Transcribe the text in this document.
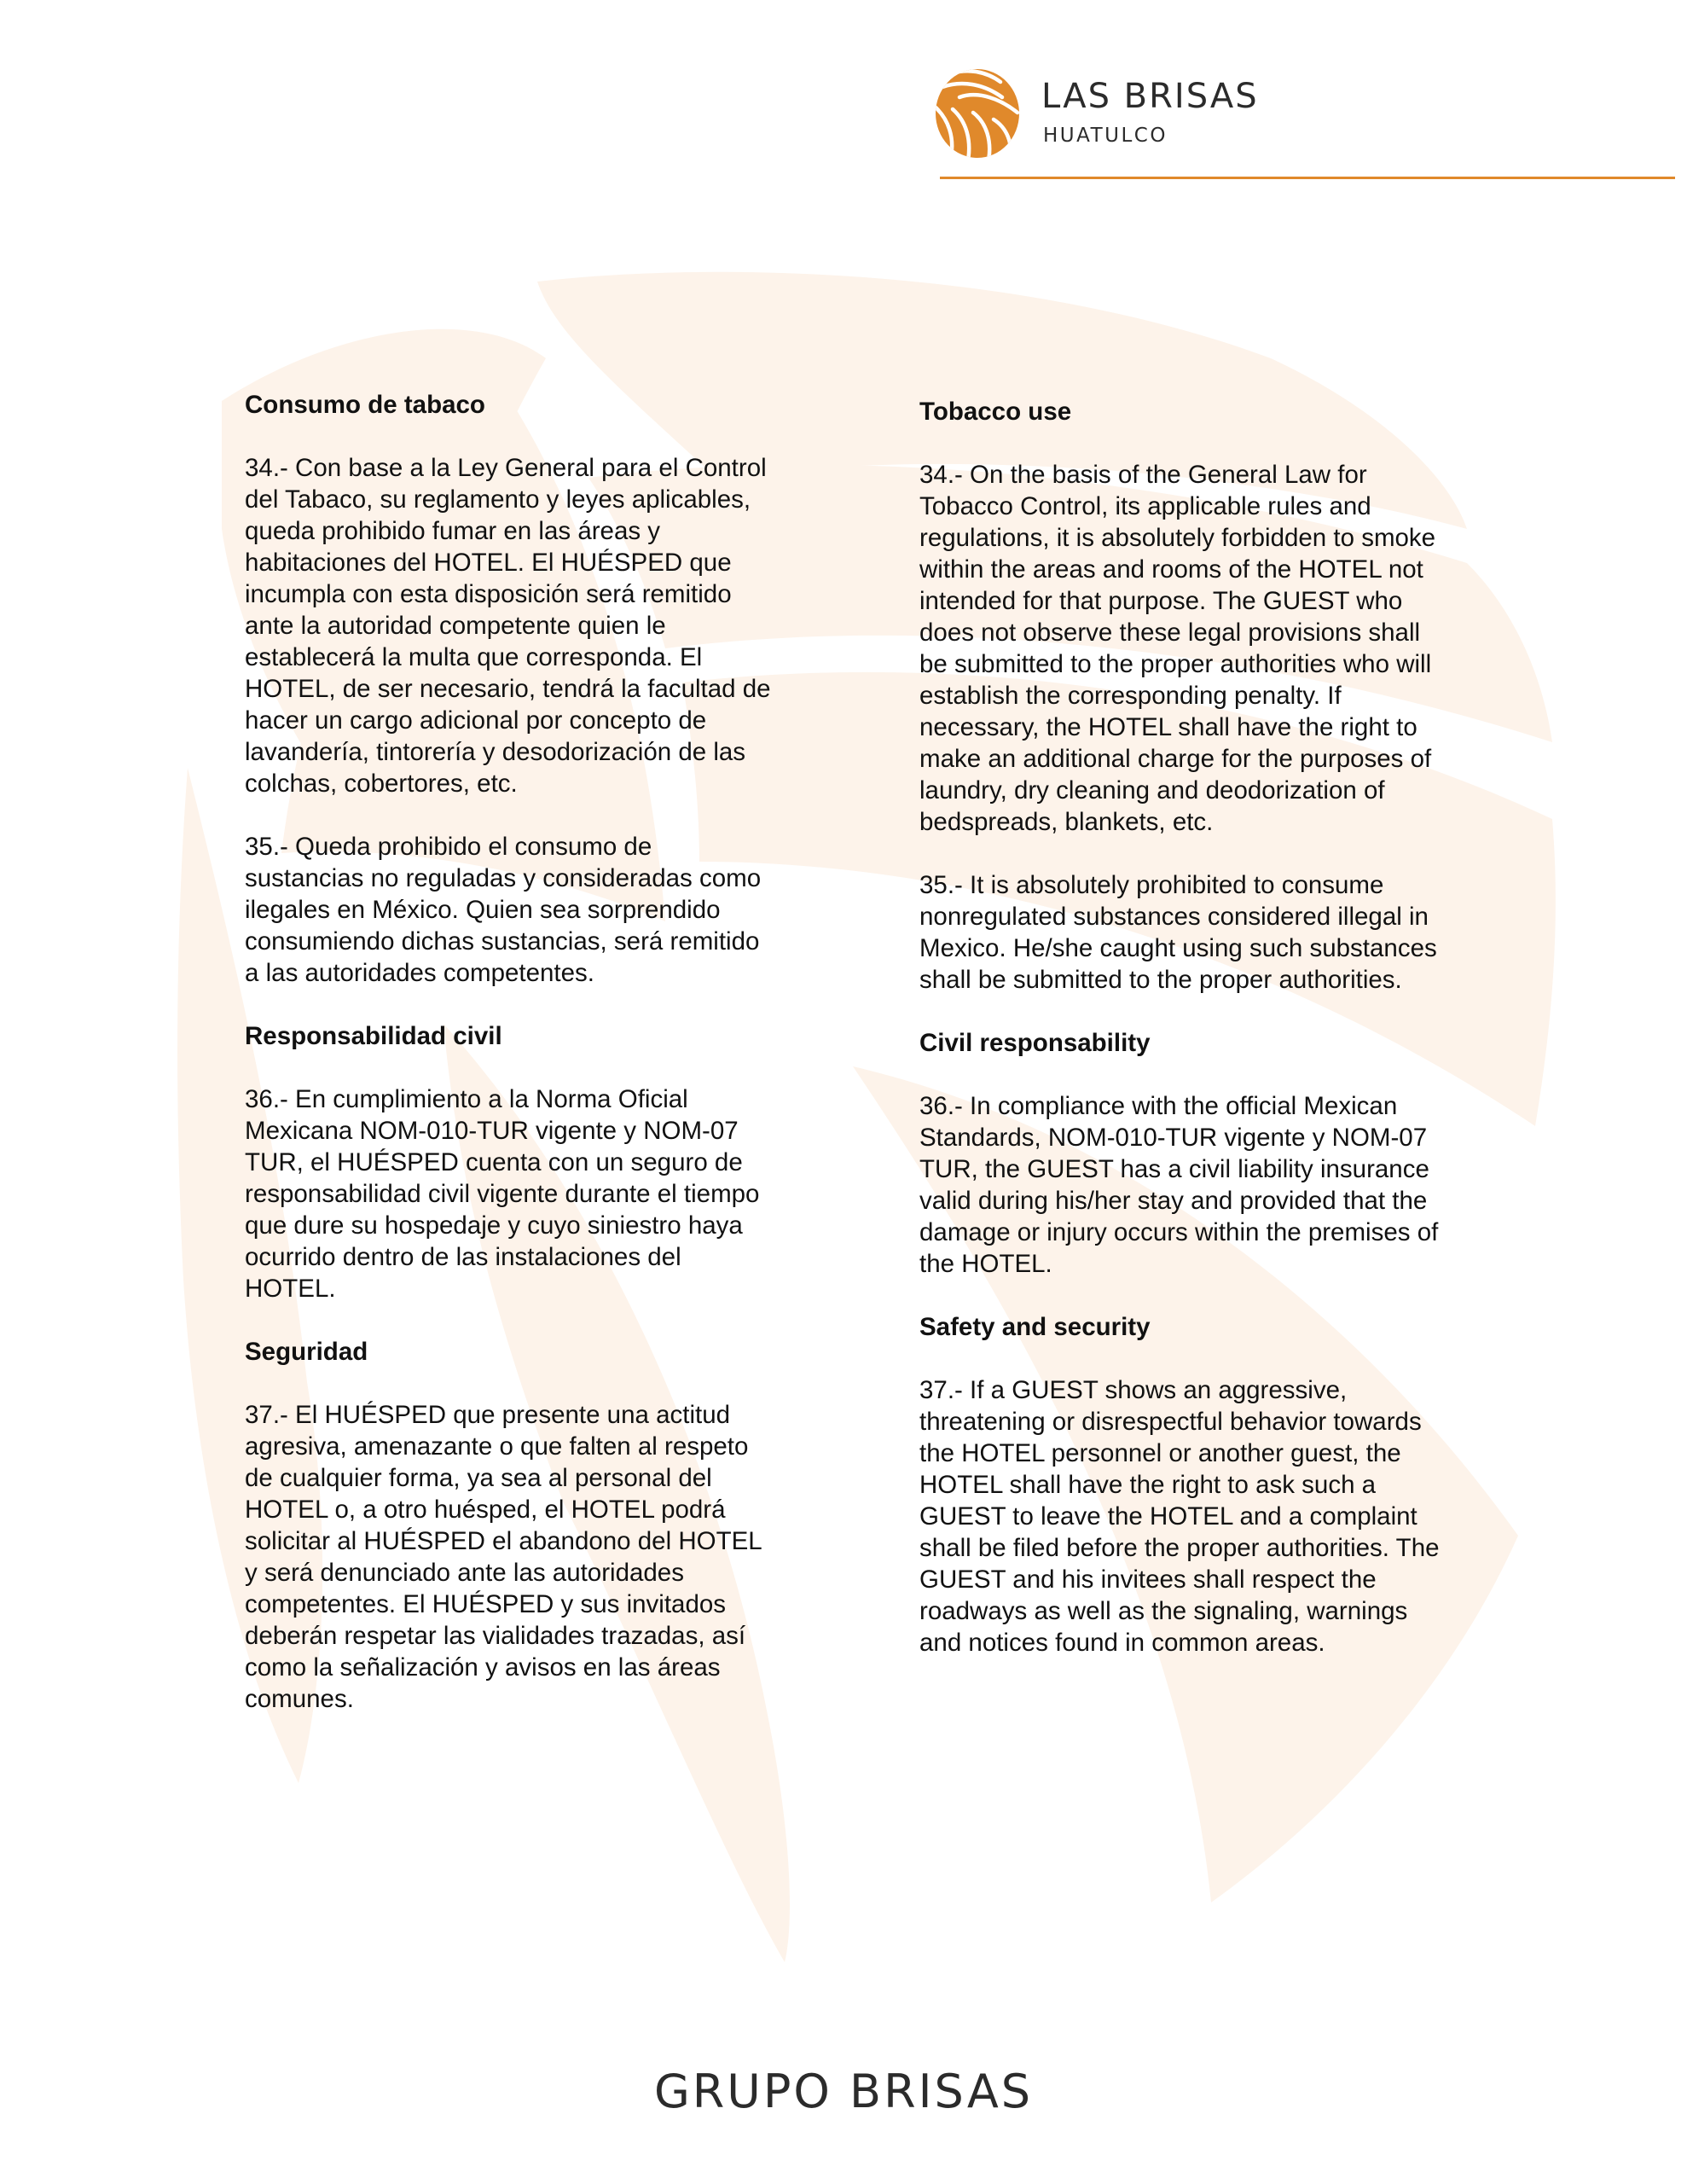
LAS BRISAS
HUATULCO

Consumo de tabaco

34.- Con base a la Ley General para el Control
del Tabaco, su reglamento y leyes aplicables,
queda prohibido fumar en las áreas y
habitaciones del HOTEL. El HUÉSPED que
incumpla con esta disposición será remitido
ante la autoridad competente quien le
establecerá la multa que corresponda. El
HOTEL, de ser necesario, tendrá la facultad de
hacer un cargo adicional por concepto de
lavandería, tintorería y desodorización de las
colchas, cobertores, etc.

35.- Queda prohibido el consumo de
sustancias no reguladas y consideradas como
ilegales en México. Quien sea sorprendido
consumiendo dichas sustancias, será remitido
a las autoridades competentes.

Responsabilidad civil

36.- En cumplimiento a la Norma Oficial
Mexicana NOM-010-TUR vigente y NOM-07
TUR, el HUÉSPED cuenta con un seguro de
responsabilidad civil vigente durante el tiempo
que dure su hospedaje y cuyo siniestro haya
ocurrido dentro de las instalaciones del
HOTEL.

Seguridad

37.- El HUÉSPED que presente una actitud
agresiva, amenazante o que falten al respeto
de cualquier forma, ya sea al personal del
HOTEL o, a otro huésped, el HOTEL podrá
solicitar al HUÉSPED el abandono del HOTEL
y será denunciado ante las autoridades
competentes. El HUÉSPED y sus invitados
deberán respetar las vialidades trazadas, así
como la señalización y avisos en las áreas
comunes.

Tobacco use

34.- On the basis of the General Law for
Tobacco Control, its applicable rules and
regulations, it is absolutely forbidden to smoke
within the areas and rooms of the HOTEL not
intended for that purpose. The GUEST who
does not observe these legal provisions shall
be submitted to the proper authorities who will
establish the corresponding penalty. If
necessary, the HOTEL shall have the right to
make an additional charge for the purposes of
laundry, dry cleaning and deodorization of
bedspreads, blankets, etc.

35.- It is absolutely prohibited to consume
nonregulated substances considered illegal in
Mexico. He/she caught using such substances
shall be submitted to the proper authorities.

Civil responsability

36.- In compliance with the official Mexican
Standards, NOM-010-TUR vigente y NOM-07
TUR, the GUEST has a civil liability insurance
valid during his/her stay and provided that the
damage or injury occurs within the premises of
the HOTEL.

Safety and security

37.- If a GUEST shows an aggressive,
threatening or disrespectful behavior towards
the HOTEL personnel or another guest, the
HOTEL shall have the right to ask such a
GUEST to leave the HOTEL and a complaint
shall be filed before the proper authorities. The
GUEST and his invitees shall respect the
roadways as well as the signaling, warnings
and notices found in common areas.

GRUPO BRISAS
